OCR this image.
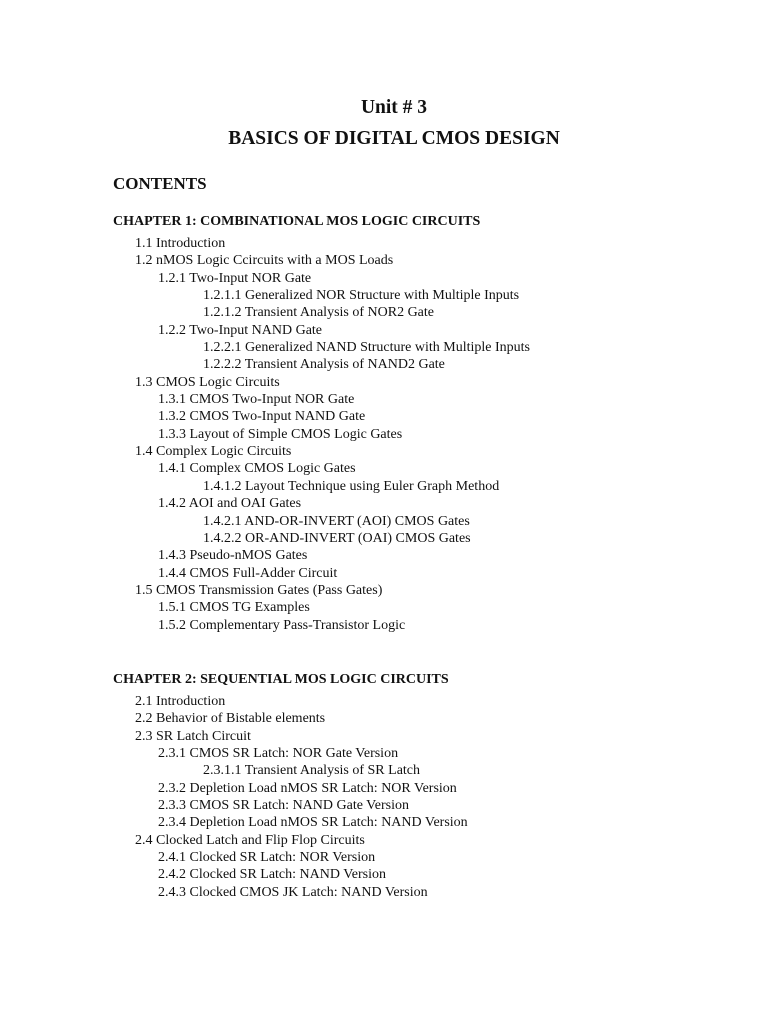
Unit # 3
BASICS OF DIGITAL CMOS DESIGN
CONTENTS
CHAPTER 1: COMBINATIONAL MOS LOGIC CIRCUITS
1.1 Introduction
1.2 nMOS Logic Ccircuits with a MOS Loads
1.2.1 Two-Input NOR Gate
1.2.1.1 Generalized NOR Structure with Multiple Inputs
1.2.1.2 Transient Analysis of NOR2 Gate
1.2.2 Two-Input NAND Gate
1.2.2.1 Generalized NAND Structure with Multiple Inputs
1.2.2.2 Transient Analysis of NAND2 Gate
1.3 CMOS Logic Circuits
1.3.1 CMOS Two-Input NOR Gate
1.3.2 CMOS Two-Input NAND Gate
1.3.3 Layout of Simple CMOS Logic Gates
1.4 Complex Logic Circuits
1.4.1 Complex CMOS Logic Gates
1.4.1.2 Layout Technique using Euler Graph Method
1.4.2 AOI and OAI Gates
1.4.2.1 AND-OR-INVERT (AOI) CMOS Gates
1.4.2.2 OR-AND-INVERT (OAI) CMOS Gates
1.4.3 Pseudo-nMOS Gates
1.4.4 CMOS Full-Adder Circuit
1.5 CMOS Transmission Gates (Pass Gates)
1.5.1 CMOS TG Examples
1.5.2 Complementary Pass-Transistor Logic
CHAPTER 2: SEQUENTIAL MOS LOGIC CIRCUITS
2.1 Introduction
2.2 Behavior of Bistable elements
2.3 SR Latch Circuit
2.3.1 CMOS SR Latch: NOR Gate Version
2.3.1.1 Transient Analysis of SR Latch
2.3.2 Depletion Load nMOS SR Latch: NOR Version
2.3.3 CMOS SR Latch: NAND Gate Version
2.3.4 Depletion Load nMOS SR Latch: NAND Version
2.4 Clocked Latch and Flip Flop Circuits
2.4.1 Clocked SR Latch: NOR Version
2.4.2 Clocked SR Latch: NAND Version
2.4.3 Clocked CMOS JK Latch: NAND Version
